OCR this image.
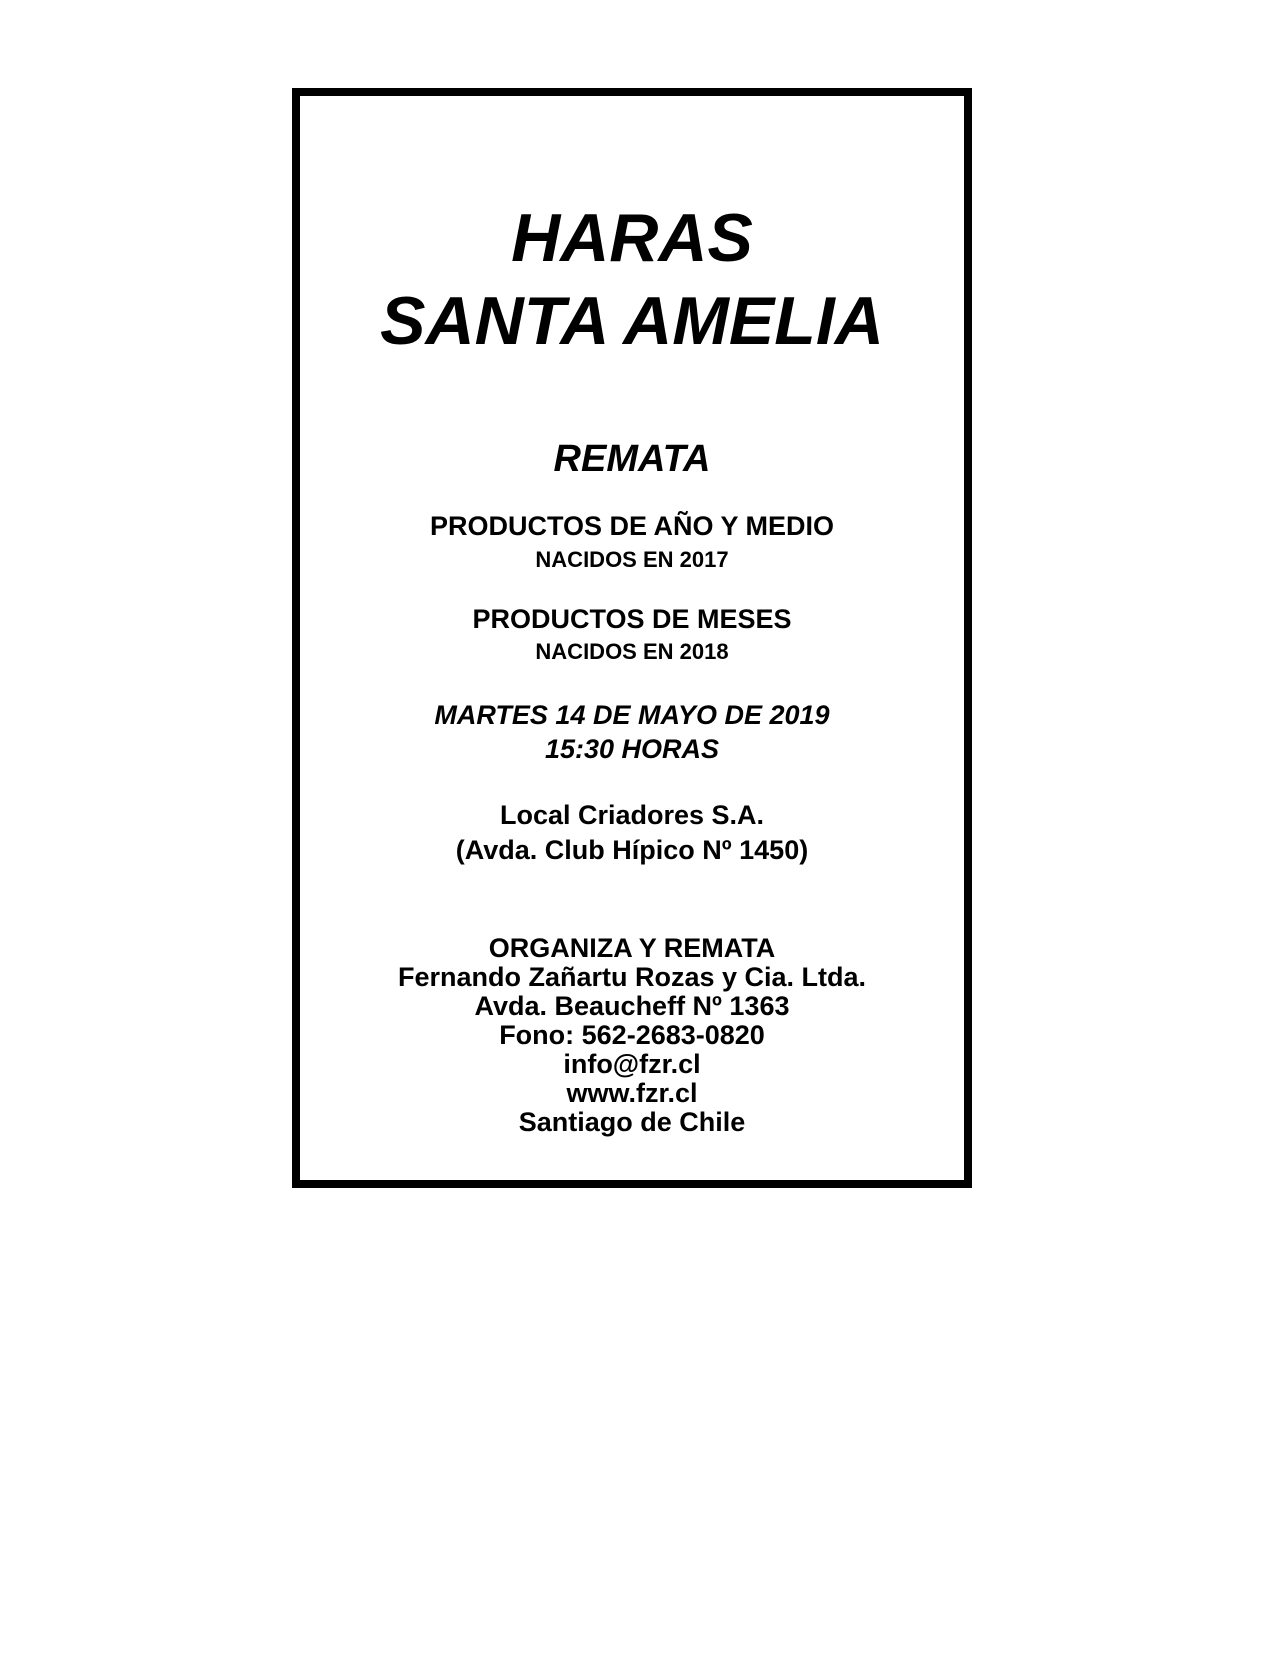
HARAS
SANTA AMELIA
REMATA
PRODUCTOS DE AÑO Y MEDIO
NACIDOS EN 2017
PRODUCTOS DE MESES
NACIDOS EN 2018
MARTES 14 DE MAYO DE 2019
15:30 HORAS
Local Criadores S.A.
(Avda. Club Hípico Nº 1450)
ORGANIZA Y REMATA
Fernando Zañartu Rozas y Cia. Ltda.
Avda. Beaucheff Nº 1363
Fono: 562-2683-0820
info@fzr.cl
www.fzr.cl
Santiago de Chile
